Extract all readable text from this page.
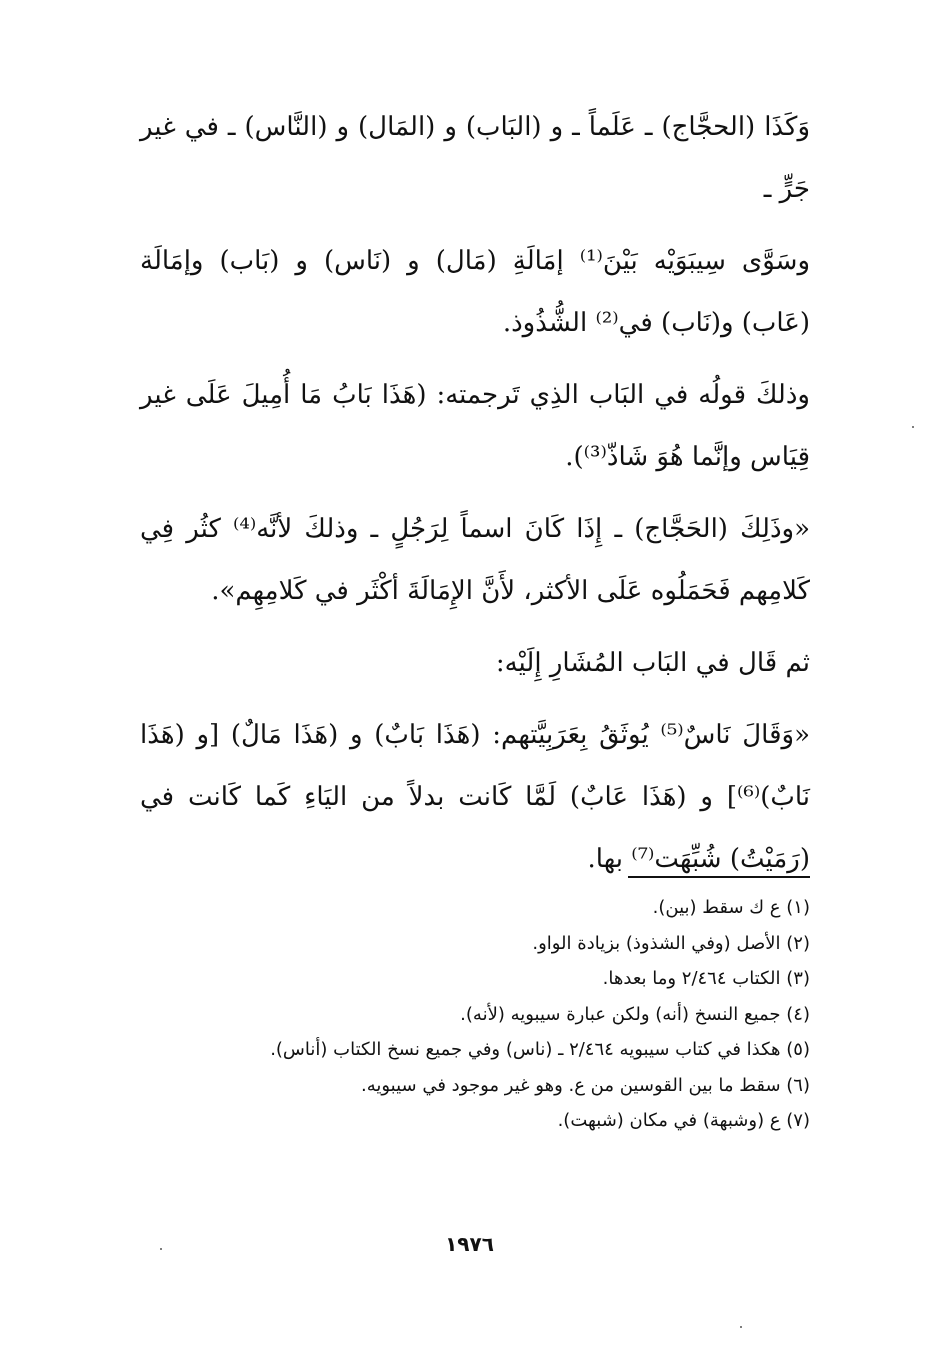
وَكَذَا (الحجَّاج) ـ عَلَماً ـ و (البَاب) و (المَال) و (النَّاس) ـ في غير جَرٍّ ـ

وسَوَّى سِيبَوَيْه بَيْنَ⁽¹⁾ إمَالَةِ (مَال) و (نَاس) و (بَاب) وإمَالَة (عَاب) و(نَاب) في⁽²⁾ الشُّذُوذ.

وذلكَ قولُه في البَاب الذِي تَرجمته: (هَذَا بَابُ مَا أُمِيلَ عَلَى غير قِيَاس وإنَّما هُوَ شَاذّ⁽³⁾).

«وذَلِكَ (الحَجَّاج) ـ إِذَا كَانَ اسماً لِرَجُلٍ ـ وذلكَ لأنَّه⁽⁴⁾ كثُر فِي كَلامِهم فَحَمَلُوه عَلَى الأكثر، لأَنَّ الإِمَالَةَ أكْثَر في كَلامِهِم».

ثم قَال في البَاب المُشَارِ إِلَيْه:

«وَقَالَ نَاسٌ⁽⁵⁾ يُوثَقُ بِعَرَبِيَّتهم: (هَذَا بَابٌ) و (هَذَا مَالٌ) [و (هَذَا نَابٌ)⁽⁶⁾] و (هَذَا عَابٌ) لَمَّا كَانت بدلاً من اليَاءِ كَما كَانت في (رَمَيْتُ) شُبِّهَت⁽⁷⁾ بها.

(١) ع ك سقط (بين).

(٢) الأصل (وفي الشذوذ) بزيادة الواو.

(٣) الكتاب ٢/٤٦٤ وما بعدها.

(٤) جميع النسخ (أنه) ولكن عبارة سيبويه (لأنه).

(٥) هكذا في كتاب سيبويه ٢/٤٦٤ ـ (ناس) وفي جميع نسخ الكتاب (أناس).

(٦) سقط ما بين القوسين من ع. وهو غير موجود في سيبويه.

(٧) ع (وشبهة) في مكان (شبهت).

١٩٧٦
